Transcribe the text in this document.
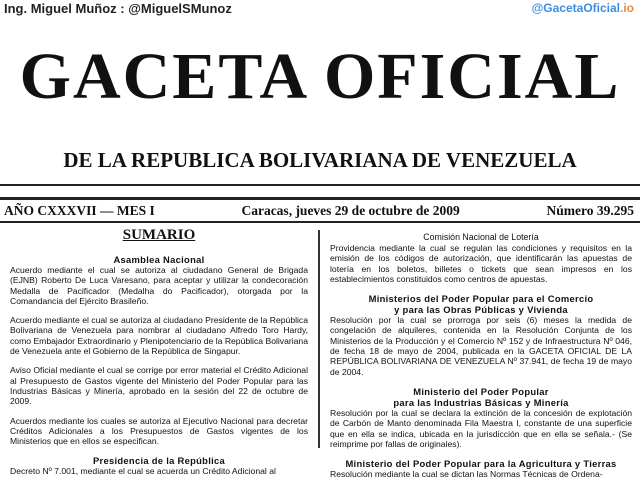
Ing. Miguel Muñoz : @MiguelSMunoz	@GacetaOficial.io
GACETA OFICIAL
DE LA REPUBLICA BOLIVARIANA DE VENEZUELA
AÑO CXXXVII — MES I	Caracas, jueves 29 de octubre de 2009	Número 39.295
SUMARIO
Asamblea Nacional

Acuerdo mediante el cual se autoriza al ciudadano General de Brigada (EJNB) Roberto De Luca Varesano, para aceptar y utilizar la condecoración Medalla de Pacificador (Medalha do Pacificador), otorgada por la Comandancia del Ejército Brasileño.

Acuerdo mediante el cual se autoriza al ciudadano Presidente de la República Bolivariana de Venezuela para nombrar al ciudadano Alfredo Toro Hardy, como Embajador Extraordinario y Plenipotenciario de la República Bolivariana de Venezuela ante el Gobierno de la República de Singapur.

Aviso Oficial mediante el cual se corrige por error material el Crédito Adicional al Presupuesto de Gastos vigente del Ministerio del Poder Popular para las Industrias Básicas y Minería, aprobado en la sesión del 22 de octubre de 2009.

Acuerdos mediante los cuales se autoriza al Ejecutivo Nacional para decretar Créditos Adicionales a los Presupuestos de Gastos vigentes de los Ministerios que en ellos se especifican.

Presidencia de la República

Decreto Nº 7.001, mediante el cual se acuerda un Crédito Adicional al

Comisión Nacional de Lotería

Providencia mediante la cual se regulan las condiciones y requisitos en la emisión de los códigos de autorización, que identificarán las apuestas de lotería en los boletos, billetes o tickets que sean impresos en los establecimientos constituidos como centros de apuestas.

Ministerios del Poder Popular para el Comercio
y para las Obras Públicas y Vivienda

Resolución por la cual se prorroga por seis (6) meses la medida de congelación de alquileres, contenida en la Resolución Conjunta de los Ministerios de la Producción y el Comercio Nº 152 y de Infraestructura Nº 046, de fecha 18 de mayo de 2004, publicada en la GACETA OFICIAL DE LA REPÚBLICA BOLIVARIANA DE VENEZUELA Nº 37.941, de fecha 19 de mayo de 2004.

Ministerio del Poder Popular
para las Industrias Básicas y Minería

Resolución por la cual se declara la extinción de la concesión de explotación de Carbón de Manto denominada Fila Maestra I, constante de una superficie que en ella se indica, ubicada en la jurisdicción que en ella se señala.- (Se reimprime por fallas de originales).

Ministerio del Poder Popular para la Agricultura y Tierras

Resolución mediante la cual se dictan las Normas Técnicas de Ordena-
